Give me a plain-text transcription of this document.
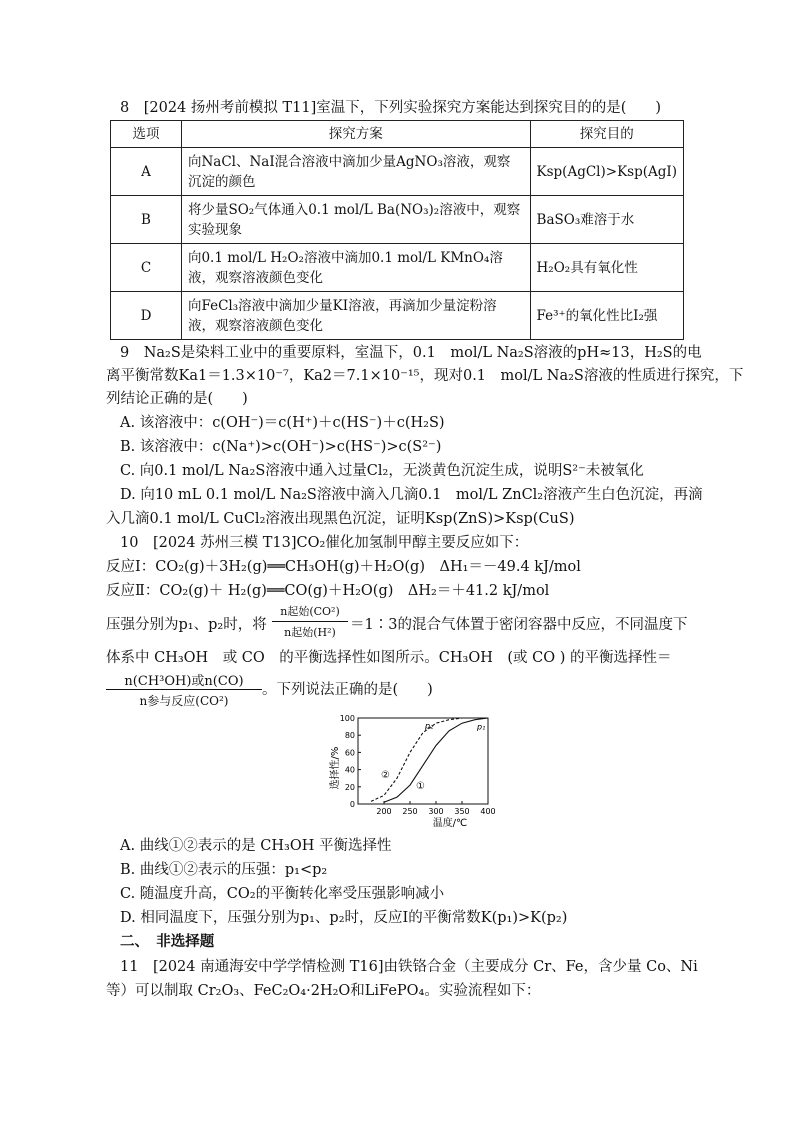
8　[2024 扬州考前模拟 T11]室温下，下列实验探究方案能达到探究目的的是(　　)
选项	探究方案	探究目的
A	向NaCl、NaI混合溶液中滴加少量AgNO₃溶液，观察沉淀的颜色	Ksp(AgCl)>Ksp(AgI)
B	将少量SO₂气体通入0.1 mol/L Ba(NO₃)₂溶液中，观察实验现象	BaSO₃难溶于水
C	向0.1 mol/L H₂O₂溶液中滴加0.1 mol/L KMnO₄溶液，观察溶液颜色变化	H₂O₂具有氧化性
D	向FeCl₃溶液中滴加少量KI溶液，再滴加少量淀粉溶液，观察溶液颜色变化	Fe³⁺的氧化性比I₂强
9　Na₂S是染料工业中的重要原料，室温下，0.1　mol/L Na₂S溶液的pH≈13，H₂S的电
离平衡常数Ka1＝1.3×10⁻⁷，Ka2＝7.1×10⁻¹⁵，现对0.1　mol/L Na₂S溶液的性质进行探究，下
列结论正确的是(　　)
A. 该溶液中：c(OH⁻)＝c(H⁺)＋c(HS⁻)＋c(H₂S)
B. 该溶液中：c(Na⁺)>c(OH⁻)>c(HS⁻)>c(S²⁻)
C. 向0.1 mol/L Na₂S溶液中通入过量Cl₂，无淡黄色沉淀生成，说明S²⁻未被氧化
D. 向10 mL 0.1 mol/L Na₂S溶液中滴入几滴0.1　mol/L ZnCl₂溶液产生白色沉淀，再滴
入几滴0.1 mol/L CuCl₂溶液出现黑色沉淀，证明Ksp(ZnS)>Ksp(CuS)
10　[2024 苏州三模 T13]CO₂催化加氢制甲醇主要反应如下：
反应Ⅰ：CO₂(g)＋3H₂(g)══CH₃OH(g)＋H₂O(g)　ΔH₁＝－49.4 kJ/mol
反应Ⅱ：CO₂(g)＋ H₂(g)══CO(g)＋H₂O(g)　ΔH₂＝＋41.2 kJ/mol
压强分别为p₁、p₂时，将
n起始(CO²)
n起始(H²) ＝1∶3的混合气体置于密闭容器中反应，不同温度下
体系中 CH₃OH　或 CO　的平衡选择性如图所示。CH₃OH　(或 CO ) 的平衡选择性＝
n(CH³OH)或n(CO)
n参与反应(CO²)
。下列说法正确的是(　　)
0
20
40
60
80
100
200 250 300 350 400
p₂
②
p₁
①
选择性/%
温度/℃
A. 曲线①②表示的是 CH₃OH 平衡选择性
B. 曲线①②表示的压强：p₁<p₂
C. 随温度升高，CO₂的平衡转化率受压强影响减小
D. 相同温度下，压强分别为p₁、p₂时，反应Ⅰ的平衡常数K(p₁)>K(p₂)
二、　非选择题
11　[2024 南通海安中学学情检测 T16]由铁铬合金（主要成分 Cr、Fe，含少量 Co、Ni
等）可以制取 Cr₂O₃、FeC₂O₄·2H₂O和LiFePO₄。实验流程如下：
